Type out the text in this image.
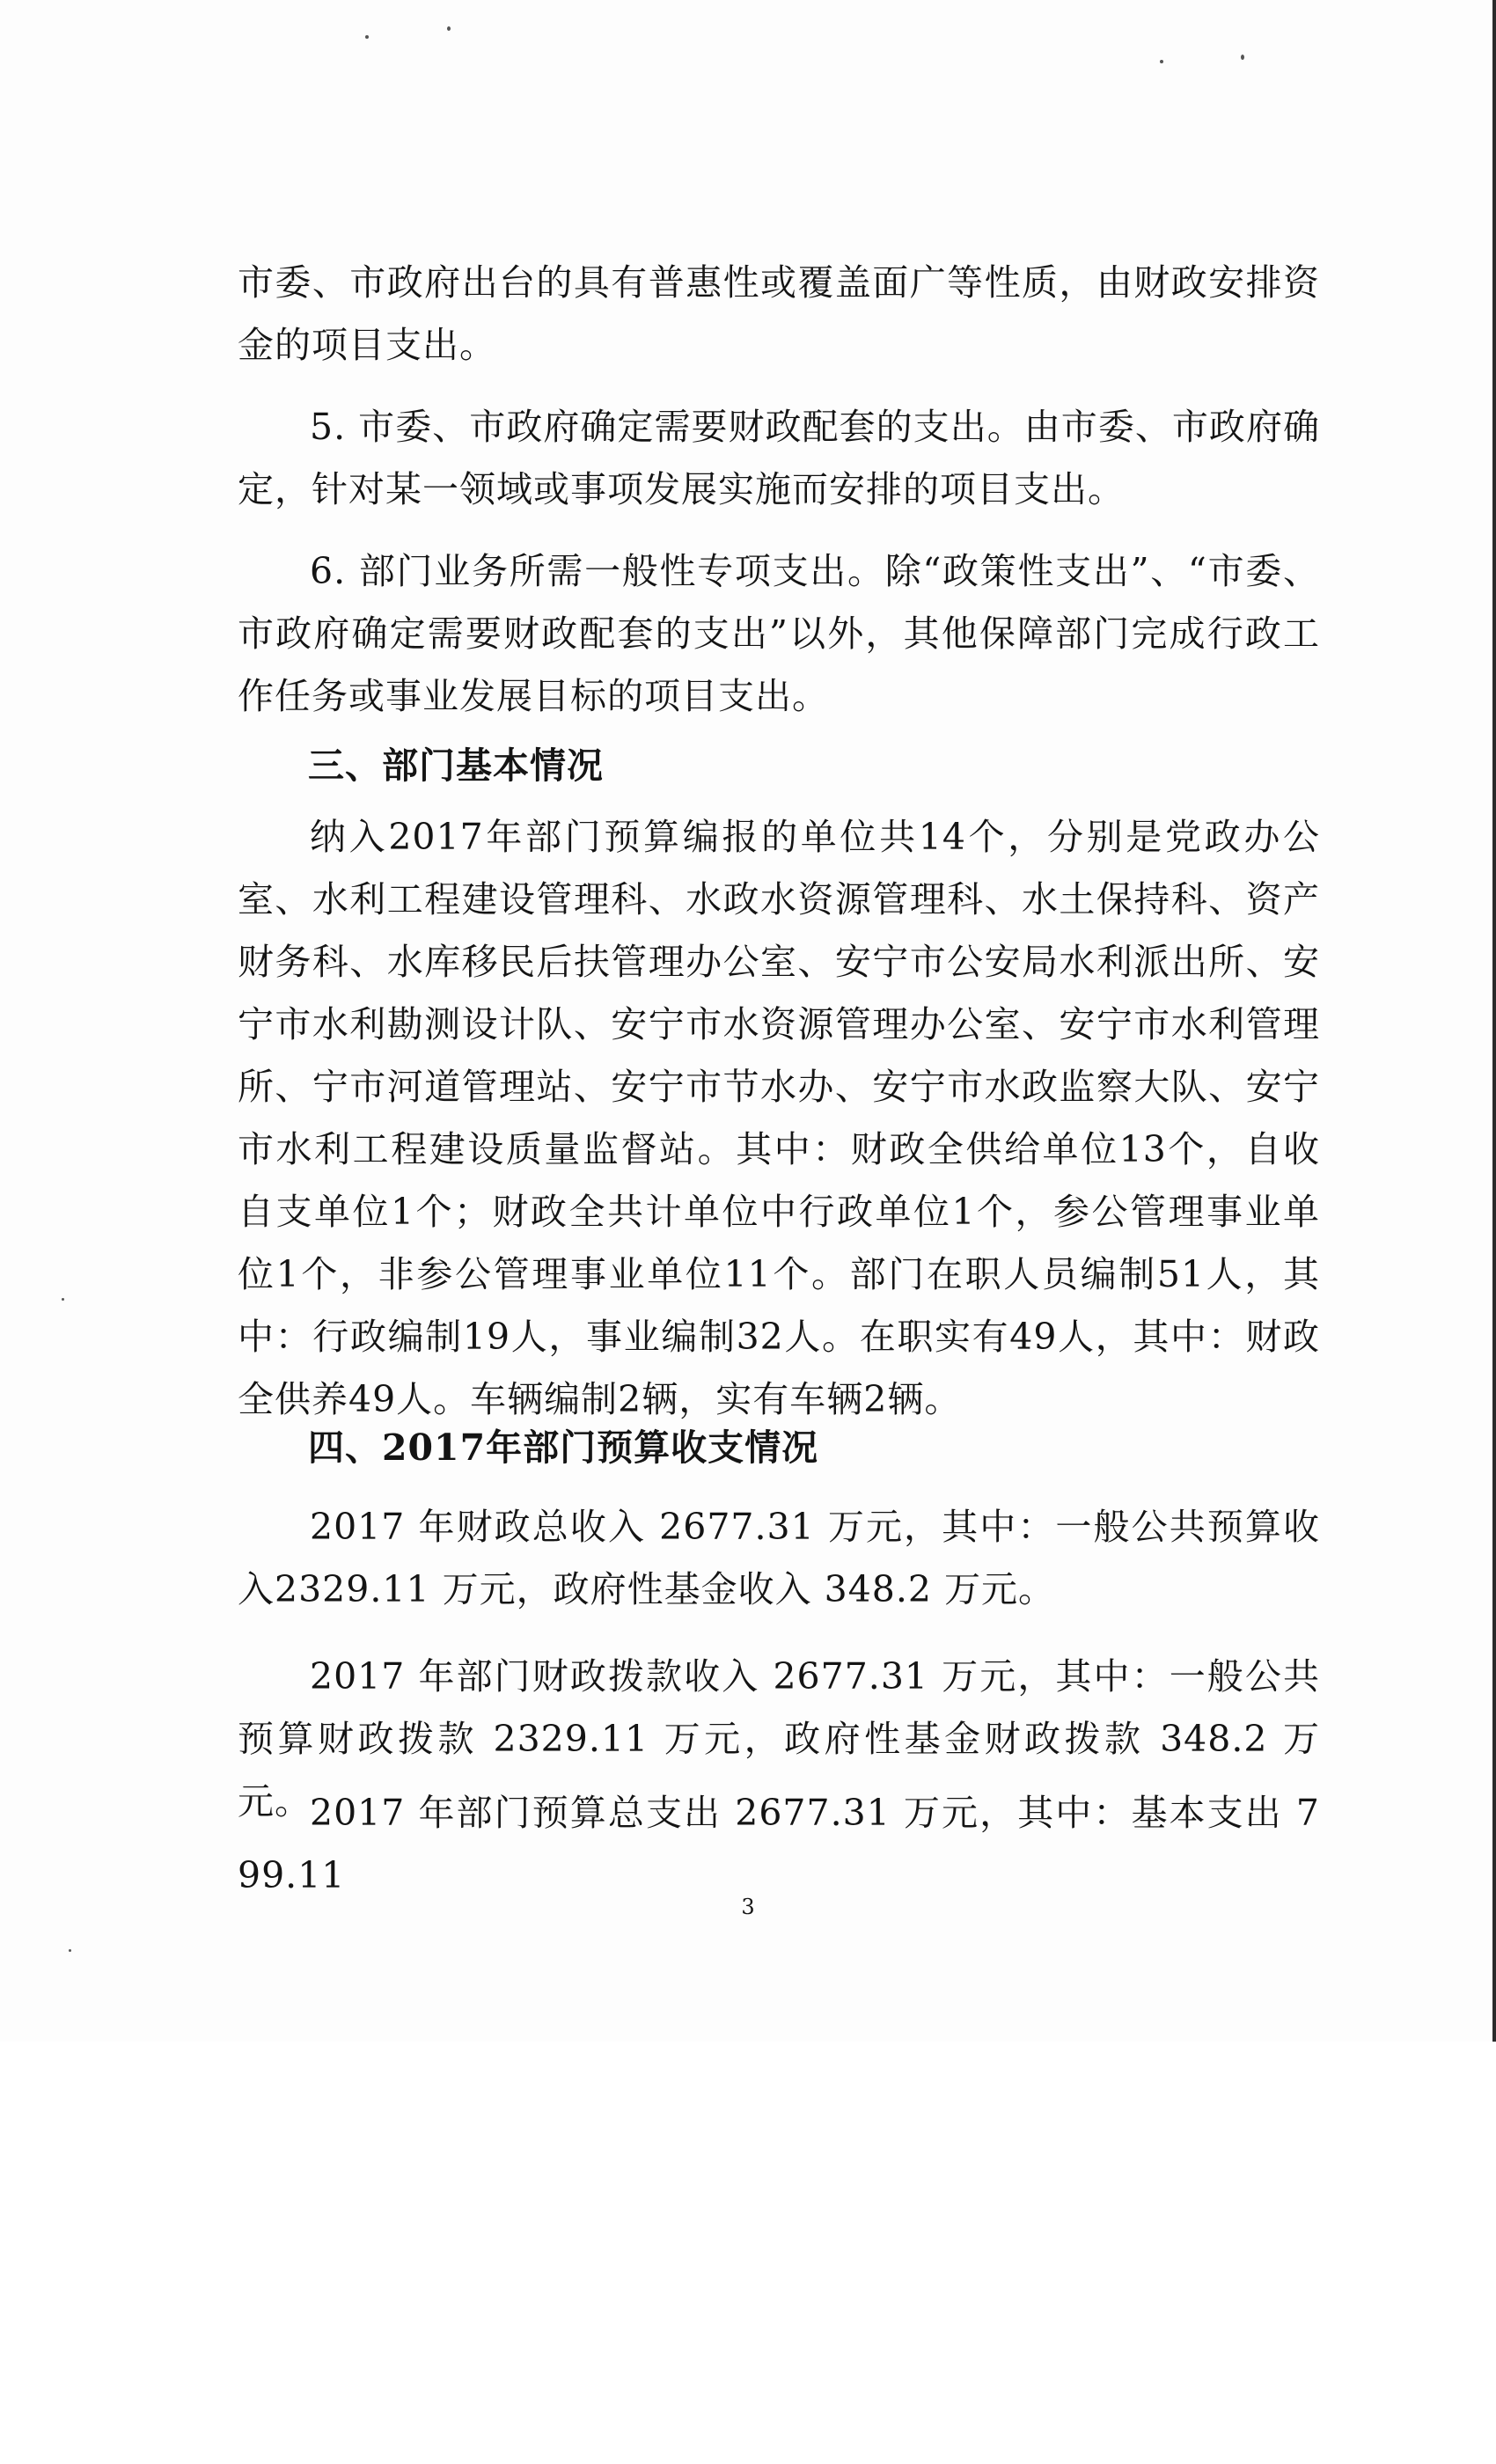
市委、市政府出台的具有普惠性或覆盖面广等性质，由财政安排资金的项目支出。

5. 市委、市政府确定需要财政配套的支出。由市委、市政府确定，针对某一领域或事项发展实施而安排的项目支出。

6. 部门业务所需一般性专项支出。除“政策性支出”、“市委、市政府确定需要财政配套的支出”以外，其他保障部门完成行政工作任务或事业发展目标的项目支出。

三、部门基本情况

纳入2017年部门预算编报的单位共14个，分别是党政办公室、水利工程建设管理科、水政水资源管理科、水土保持科、资产财务科、水库移民后扶管理办公室、安宁市公安局水利派出所、安宁市水利勘测设计队、安宁市水资源管理办公室、安宁市水利管理所、宁市河道管理站、安宁市节水办、安宁市水政监察大队、安宁市水利工程建设质量监督站。其中：财政全供给单位13个，自收自支单位1个；财政全共计单位中行政单位1个，参公管理事业单位1个，非参公管理事业单位11个。部门在职人员编制51人，其中：行政编制19人，事业编制32人。在职实有49人，其中：财政全供养49人。车辆编制2辆，实有车辆2辆。

四、2017年部门预算收支情况

2017 年财政总收入 2677.31 万元，其中：一般公共预算收入2329.11 万元，政府性基金收入 348.2 万元。

2017 年部门财政拨款收入 2677.31 万元，其中：一般公共预算财政拨款 2329.11 万元，政府性基金财政拨款 348.2 万元。

2017 年部门预算总支出 2677.31 万元，其中：基本支出 799.11

3
